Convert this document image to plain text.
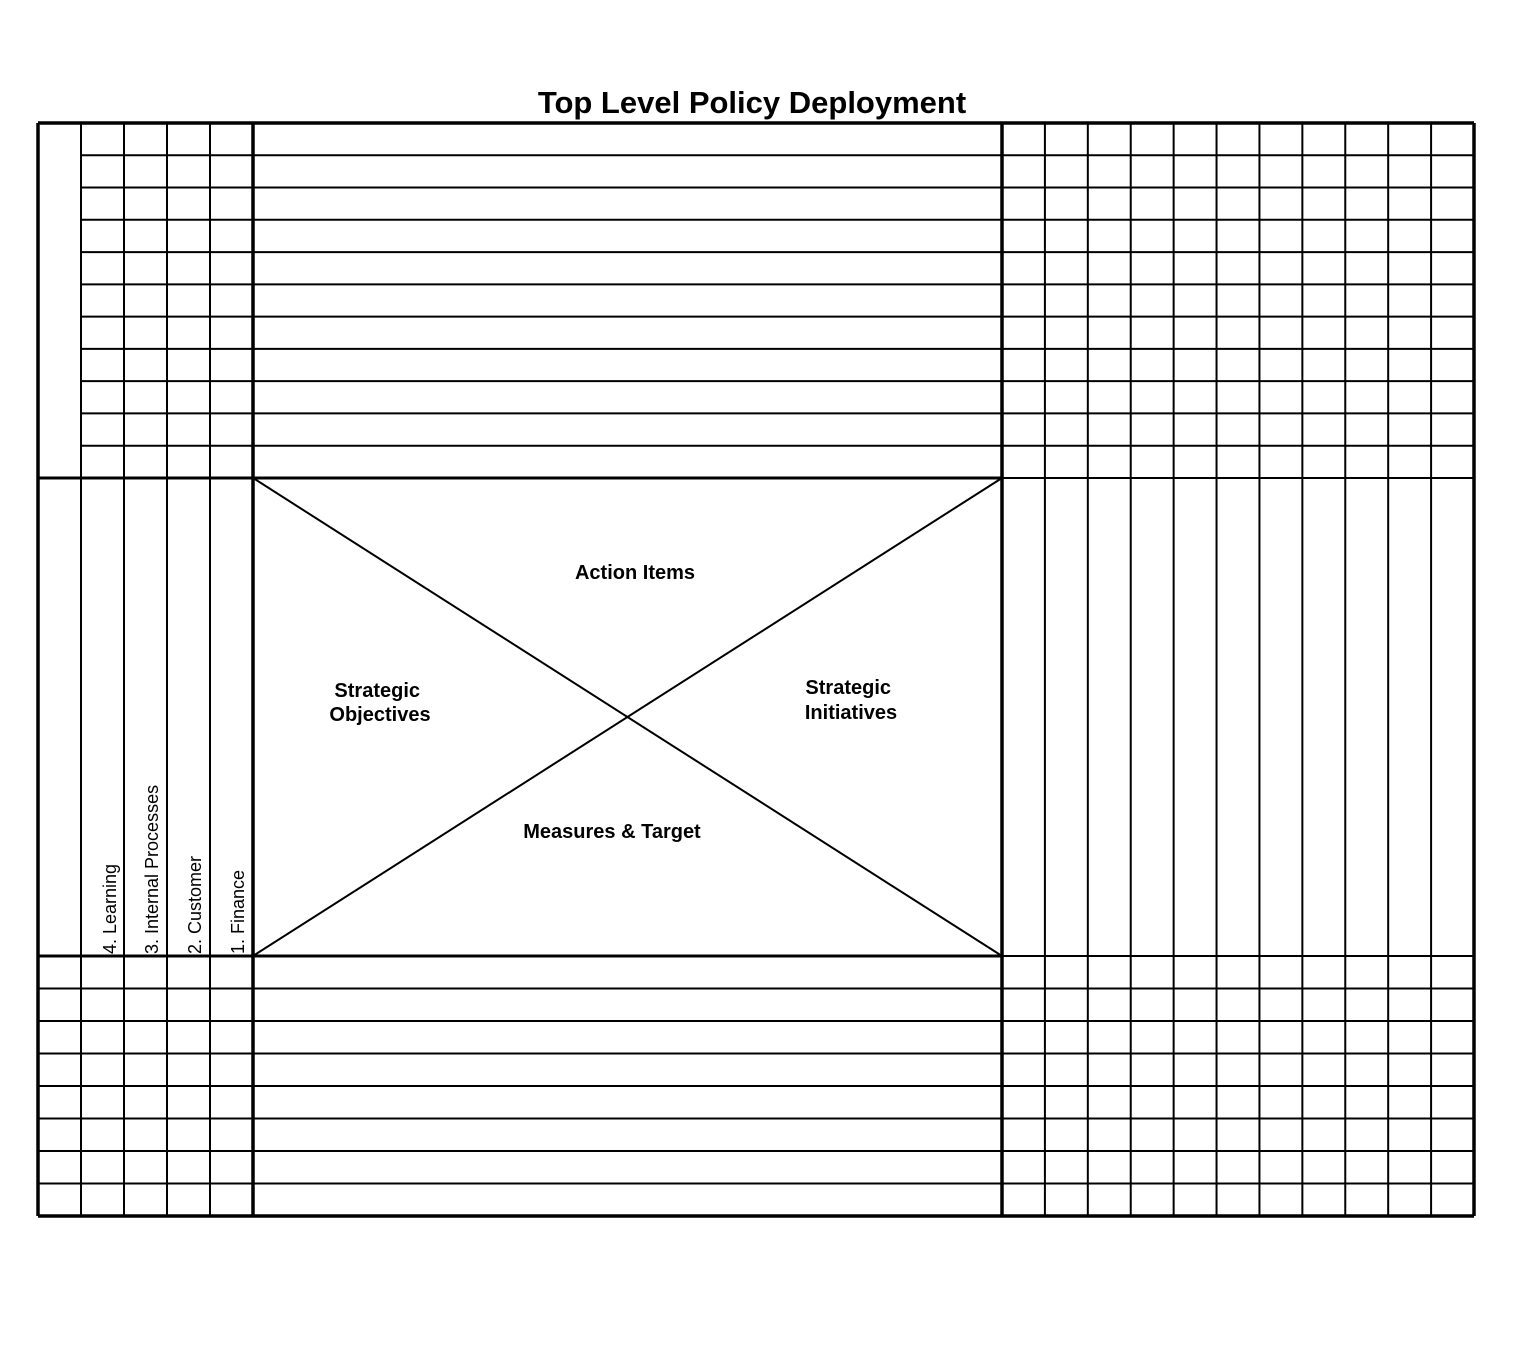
Top Level Policy Deployment
Action Items
Strategic Objectives
Strategic Initiatives
Measures & Target
4. Learning 3. Internal Processes 2. Customer 1. Finance
